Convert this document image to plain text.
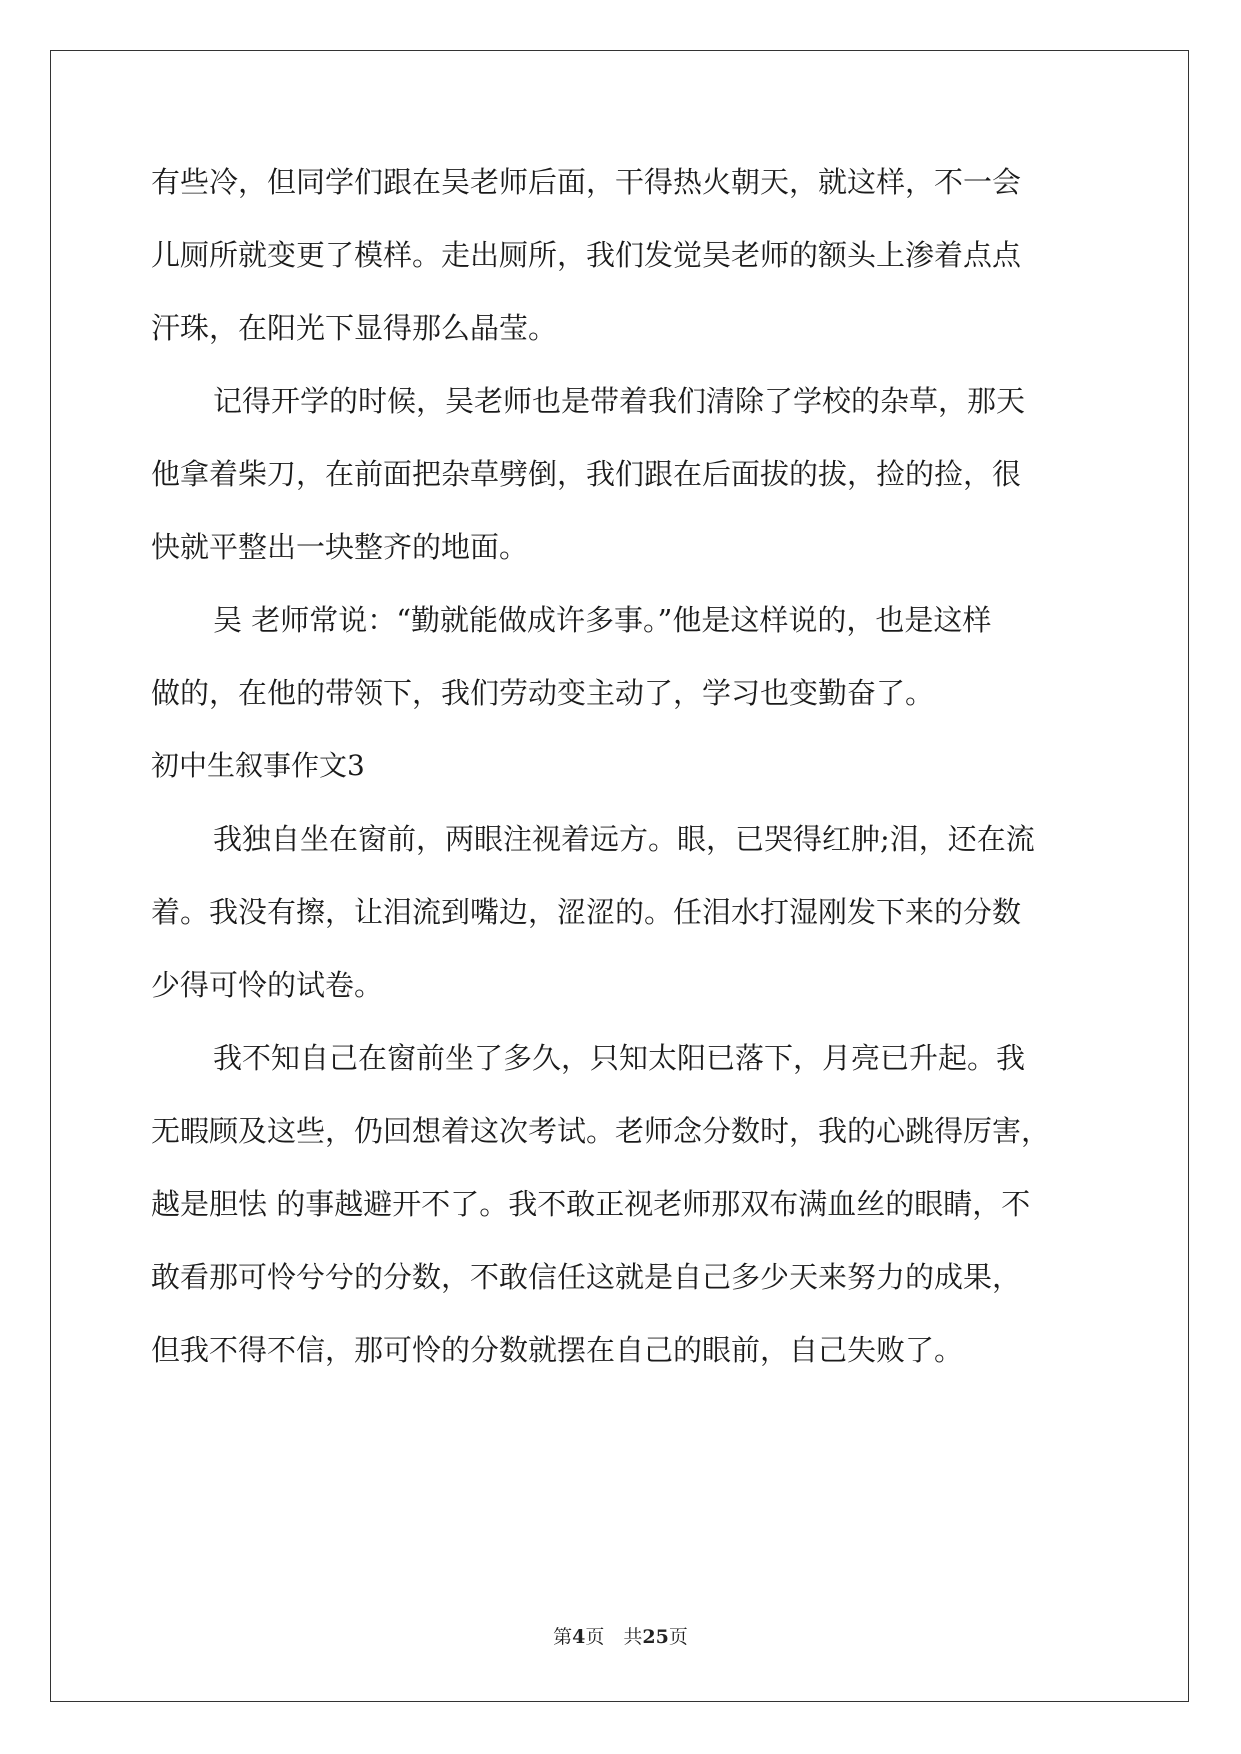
有些冷，但同学们跟在吴老师后面，干得热火朝天，就这样，不一会
儿厕所就变更了模样。走出厕所，我们发觉吴老师的额头上渗着点点
汗珠，在阳光下显得那么晶莹。
记得开学的时候，吴老师也是带着我们清除了学校的杂草，那天
他拿着柴刀，在前面把杂草劈倒，我们跟在后面拔的拔，捡的捡，很
快就平整出一块整齐的地面。
吴 老师常说：“勤就能做成许多事。”他是这样说的，也是这样
做的，在他的带领下，我们劳动变主动了，学习也变勤奋了。
初中生叙事作文3
我独自坐在窗前，两眼注视着远方。眼，已哭得红肿;泪，还在流
着。我没有擦，让泪流到嘴边，涩涩的。任泪水打湿刚发下来的分数
少得可怜的试卷。
我不知自己在窗前坐了多久，只知太阳已落下，月亮已升起。我
无暇顾及这些，仍回想着这次考试。老师念分数时，我的心跳得厉害，
越是胆怯 的事越避开不了。我不敢正视老师那双布满血丝的眼睛，不
敢看那可怜兮兮的分数，不敢信任这就是自己多少天来努力的成果，
但我不得不信，那可怜的分数就摆在自己的眼前，自己失败了。
第4页　共25页
